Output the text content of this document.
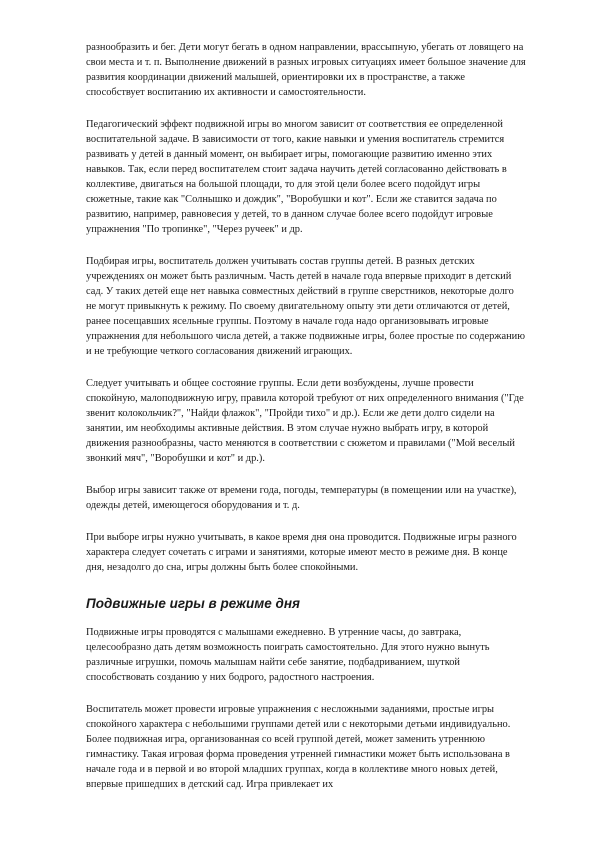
разнообразить и бег. Дети могут бегать в одном направлении, врассыпную, убегать от ловящего на свои места и т. п. Выполнение движений в разных игровых ситуациях имеет большое значение для развития координации движений малышей, ориентировки их в пространстве, а также способствует воспитанию их активности и самостоятельности.

Педагогический эффект подвижной игры во многом зависит от соответствия ее определенной воспитательной задаче. В зависимости от того, какие навыки и умения воспитатель стремится развивать у детей в данный момент, он выбирает игры, помогающие развитию именно этих навыков. Так, если перед воспитателем стоит задача научить детей согласованно действовать в коллективе, двигаться на большой площади, то для этой цели более всего подойдут игры сюжетные, такие как "Солнышко и дождик", "Воробушки и кот". Если же ставится задача по развитию, например, равновесия у детей, то в данном случае более всего подойдут игровые упражнения "По тропинке", "Через ручеек" и др.

Подбирая игры, воспитатель должен учитывать состав группы детей. В разных детских учреждениях он может быть различным. Часть детей в начале года впервые приходит в детский сад. У таких детей еще нет навыка совместных действий в группе сверстников, некоторые долго не могут привыкнуть к режиму. По своему двигательному опыту эти дети отличаются от детей, ранее посещавших ясельные группы. Поэтому в начале года надо организовывать игровые упражнения для небольшого числа детей, а также подвижные игры, более простые по содержанию и не требующие четкого согласования движений играющих.

Следует учитывать и общее состояние группы. Если дети возбуждены, лучше провести спокойную, малоподвижную игру, правила которой требуют от них определенного внимания ("Где звенит колокольчик?", "Найди флажок", "Пройди тихо" и др.). Если же дети долго сидели на занятии, им необходимы активные действия. В этом случае нужно выбрать игру, в которой движения разнообразны, часто меняются в соответствии с сюжетом и правилами ("Мой веселый звонкий мяч", "Воробушки и кот" и др.).

Выбор игры зависит также от времени года, погоды, температуры (в помещении или на участке), одежды детей, имеющегося оборудования и т. д.

При выборе игры нужно учитывать, в какое время дня она проводится. Подвижные игры разного характера следует сочетать с играми и занятиями, которые имеют место в режиме дня. В конце дня, незадолго до сна, игры должны быть более спокойными.

Подвижные игры в режиме дня

Подвижные игры проводятся с малышами ежедневно. В утренние часы, до завтрака, целесообразно дать детям возможность поиграть самостоятельно. Для этого нужно вынуть различные игрушки, помочь малышам найти себе занятие, подбадриванием, шуткой способствовать созданию у них бодрого, радостного настроения.

Воспитатель может провести игровые упражнения с несложными заданиями, простые игры спокойного характера с небольшими группами детей или с некоторыми детьми индивидуально. Более подвижная игра, организованная со всей группой детей, может заменить утреннюю гимнастику. Такая игровая форма проведения утренней гимнастики может быть использована в начале года и в первой и во второй младших группах, когда в коллективе много новых детей, впервые пришедших в детский сад. Игра привлекает их
